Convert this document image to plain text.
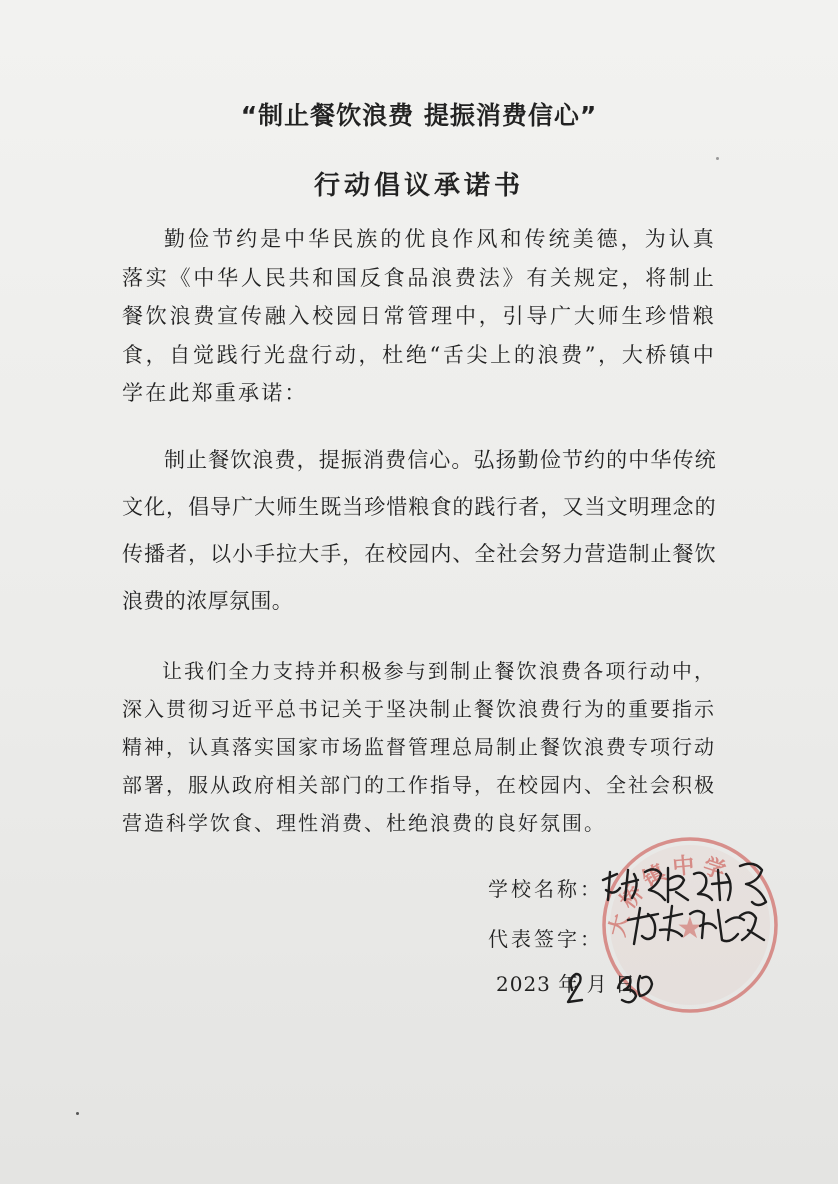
“制止餐饮浪费 提振消费信心”
行动倡议承诺书

勤俭节约是中华民族的优良作风和传统美德，为认真落实《中华人民共和国反食品浪费法》有关规定，将制止餐饮浪费宣传融入校园日常管理中，引导广大师生珍惜粮食，自觉践行光盘行动，杜绝“舌尖上的浪费”，大桥镇中学在此郑重承诺：

制止餐饮浪费，提振消费信心。弘扬勤俭节约的中华传统文化，倡导广大师生既当珍惜粮食的践行者，又当文明理念的传播者，以小手拉大手，在校园内、全社会努力营造制止餐饮浪费的浓厚氛围。

让我们全力支持并积极参与到制止餐饮浪费各项行动中，深入贯彻习近平总书记关于坚决制止餐饮浪费行为的重要指示精神，认真落实国家市场监督管理总局制止餐饮浪费专项行动部署，服从政府相关部门的工作指导，在校园内、全社会积极营造科学饮食、理性消费、杜绝浪费的良好氛围。

大桥镇中学
★
学校名称：
代表签字：
2023 年 月 日
